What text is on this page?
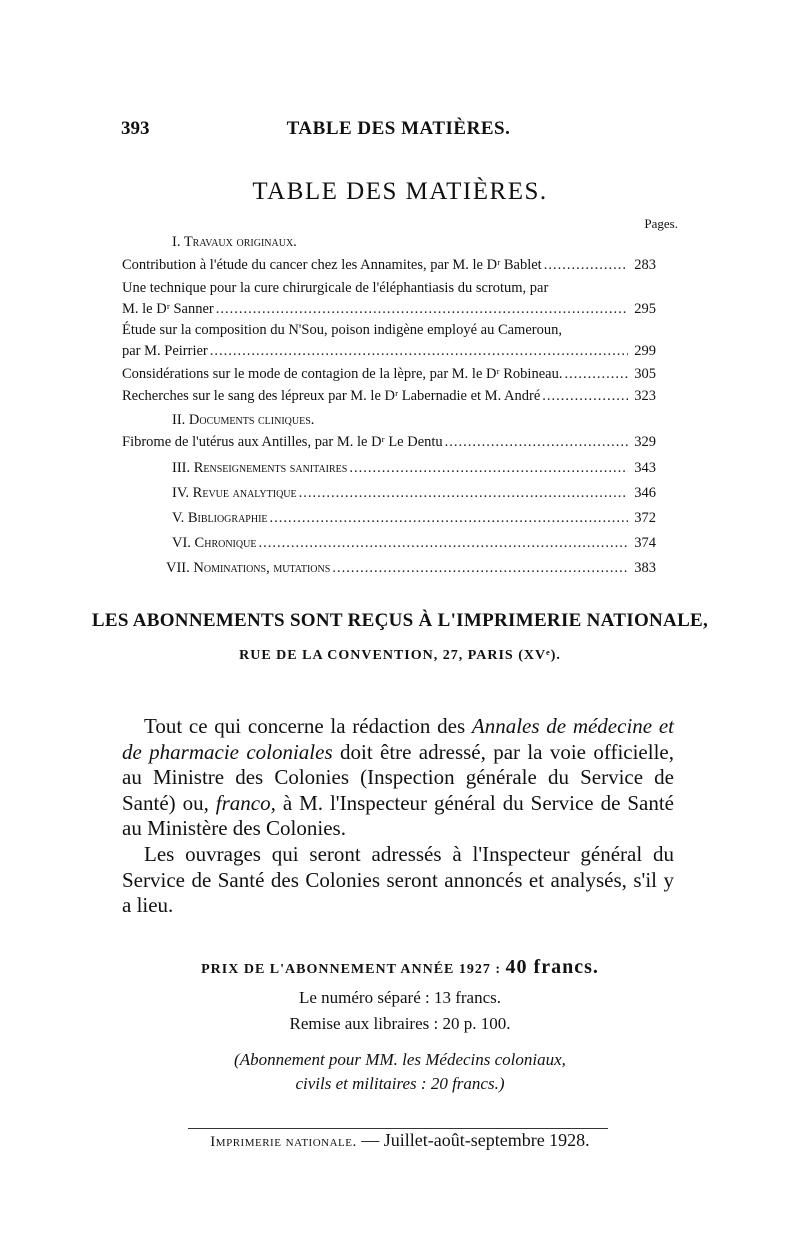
393	TABLE DES MATIÈRES.
TABLE DES MATIÈRES.
Pages.
I. Travaux originaux.
Contribution à l'étude du cancer chez les Annamites, par M. le Dʳ Bablet .....	283
Une technique pour la cure chirurgicale de l'éléphantiasis du scrotum, par
M. le Dʳ Sanner .....	295
Étude sur la composition du N'Sou, poison indigène employé au Cameroun,
par M. Peirrier .....	299
Considérations sur le mode de contagion de la lèpre, par M. le Dʳ Robineau. .....	305
Recherches sur le sang des lépreux par M. le Dʳ Labernadie et M. André .....	323
II. Documents cliniques.
Fibrome de l'utérus aux Antilles, par M. le Dʳ Le Dentu .....	329
III. Renseignements sanitaires .....	343
IV. Revue analytique .....	346
V. Bibliographie .....	372
VI. Chronique .....	374
VII. Nominations, mutations .....	383
LES ABONNEMENTS SONT REÇUS À L'IMPRIMERIE NATIONALE,
RUE DE LA CONVENTION, 27, PARIS (XVᵉ).

Tout ce qui concerne la rédaction des Annales de médecine et de pharmacie coloniales doit être adressé, par la voie officielle, au Ministre des Colonies (Inspection générale du Service de Santé) ou, franco, à M. l'Inspecteur général du Service de Santé au Ministère des Colonies.

Les ouvrages qui seront adressés à l'Inspecteur général du Service de Santé des Colonies seront annoncés et analysés, s'il y a lieu.

PRIX DE L'ABONNEMENT ANNÉE 1927 : 40 francs.
Le numéro séparé : 13 francs.
Remise aux libraires : 20 p. 100.
(Abonnement pour MM. les Médecins coloniaux,
civils et militaires : 20 francs.)
Imprimerie nationale. — Juillet-août-septembre 1928.
